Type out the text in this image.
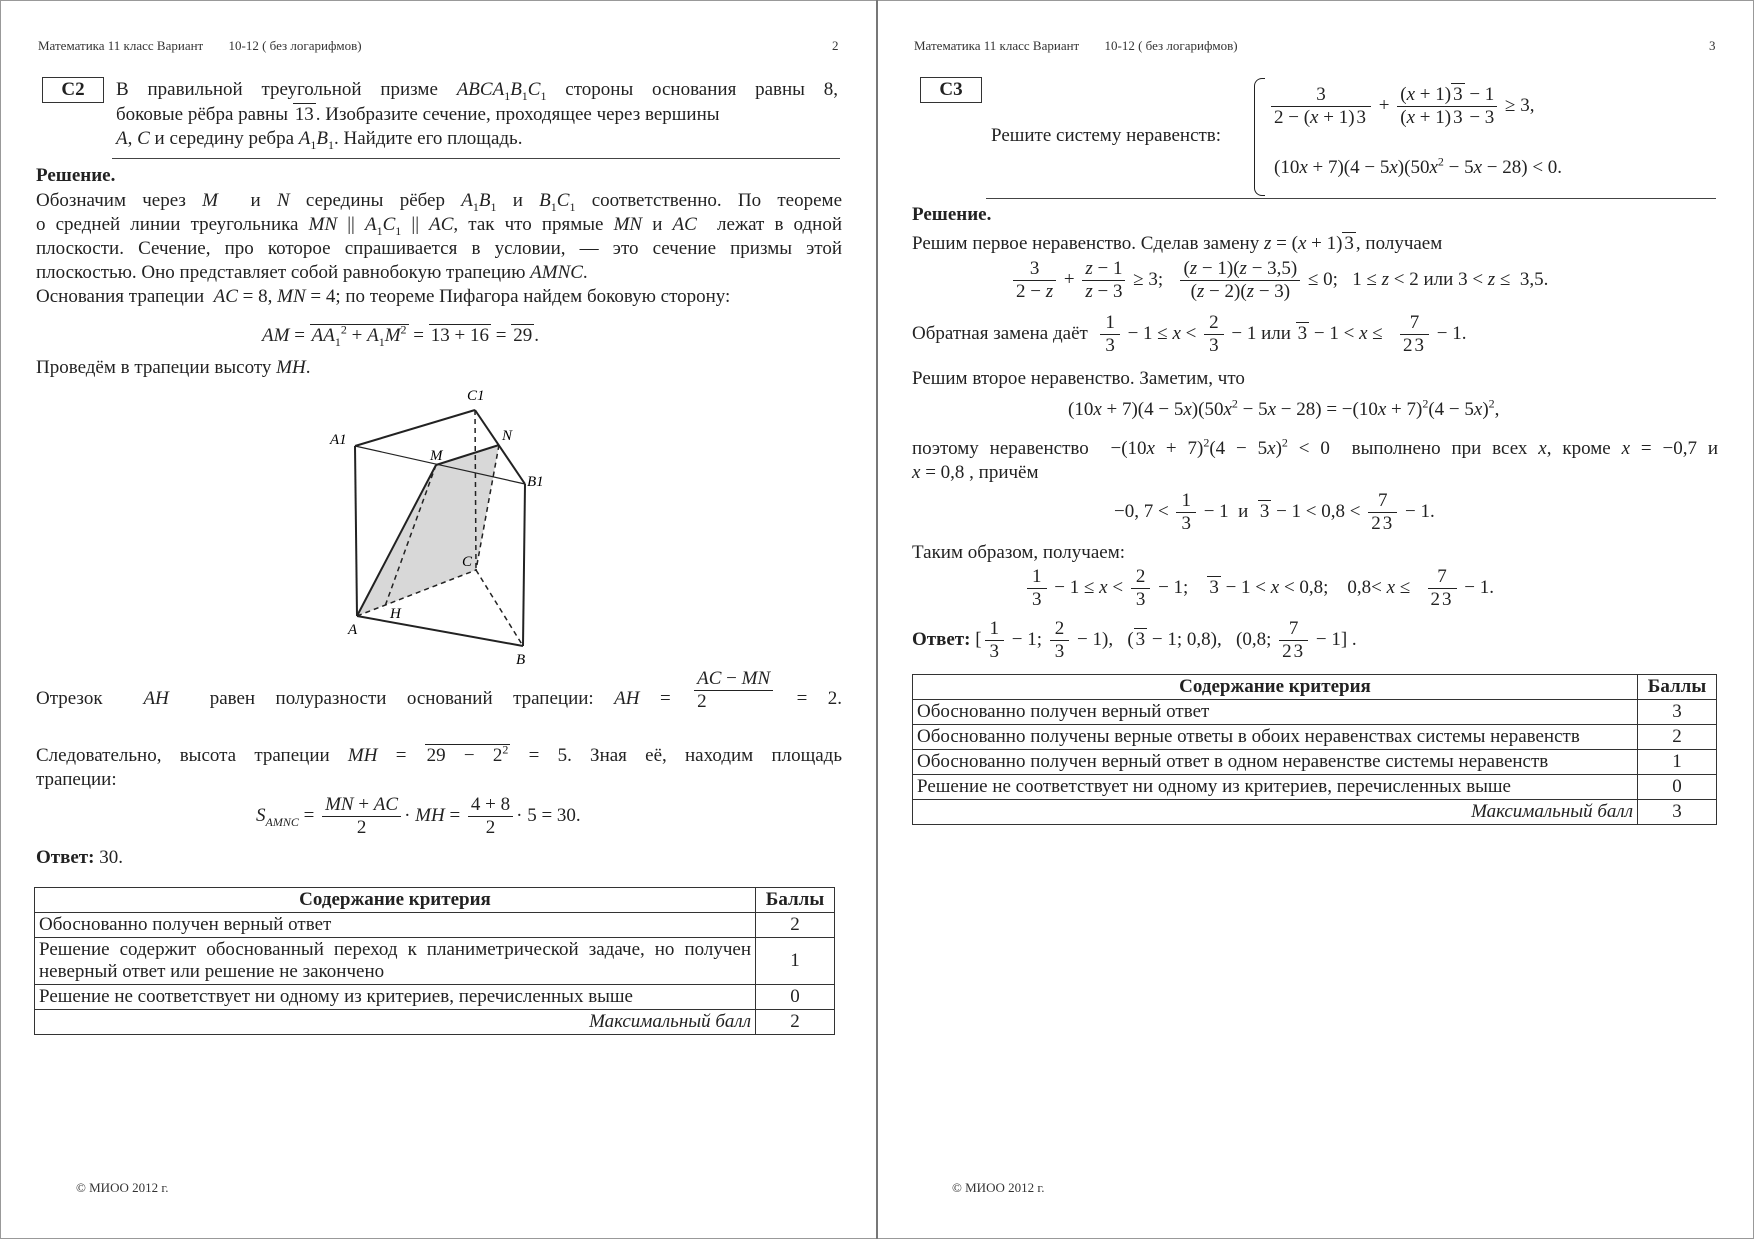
Математика 11 класс Вариант 10-12 ( без логарифмов)	2
С2	В правильной треугольной призме $ABCA_1B_1C_1$ стороны основания равны 8,
боковые рёбра равны 13 . Изобразите сечение, проходящее через вершины
A, C и середину ребра $A_1B_1$. Найдите его площадь.
Решение.
Обозначим через M  и N середины рёбер $A_1B_1$ и $B_1C_1$ соответственно. По теореме
о средней линии треугольника MN || $A_1C_1$ || AC, так что прямые MN и AC  лежат в одной
плоскости. Сечение, про которое спрашивается в условии, — это сечение призмы этой
плоскостью. Оно представляет собой равнобокую трапецию AMNC.
Основания трапеции  AC = 8, MN = 4; по теореме Пифагора найдем боковую сторону:
AM = $AA_1^2 + A_1M^2 = 13 + 16 = 29$ .
Проведём в трапеции высоту MH.
C1
A1	N
M
B1
C
H
A
B
Отрезок  AH  равен полуразности оснований трапеции: AH = $\frac{AC - MN}{2} = 2$.
Следовательно, высота трапеции MH = $29 - 2^2 = 5$. Зная её, находим площадь
трапеции:
$S_{AMNC} = \frac{MN + AC}{2}$ · MH = $\frac{4 + 8}{2} \cdot 5 = 30$.
Ответ: 30.
Содержание критерия	Баллы
Обоснованно получен верный ответ	2
Решение содержит обоснованный переход к планиметрической задаче, но получен неверный ответ или решение не закончено	1
Решение не соответствует ни одному из критериев, перечисленных выше	0
Максимальный балл	2
© МИОО 2012 г.
Математика 11 класс Вариант 10-12 ( без логарифмов)	3
С3
Решите систему неравенств:
$\frac{3}{2 - (x + 1) 3} + \frac{(x + 1) 3 - 1}{(x + 1) 3 - 3} \ge 3$,
$(10x + 7)(4 - 5x)(50x^2 - 5x - 28) < 0$.
Решение.
Решим первое неравенство. Сделав замену z = (x + 1) 3 , получаем
$\frac{3}{2 - z} + \frac{z - 1}{z - 3} \ge 3$; $\frac{(z - 1)(z - 3,5)}{(z - 2)(z - 3)} \le 0$;   1 ≤ z < 2 или 3 < z ≤  3,5.
Обратная замена даёт $\frac{1}{3} - 1 \le x < \frac{2}{3} - 1$ или $3 - 1 < x \le \frac{7}{2 3} - 1$.
Решим второе неравенство. Заметим, что
$(10x + 7)(4 - 5x)(50x^2 - 5x - 28) = -(10x + 7)^2(4 - 5x)^2$,
поэтому неравенство  $-(10x + 7)^2(4 - 5x)^2 < 0$  выполнено при всех x, кроме x = −0,7 и
x = 0,8 , причём
−0, $7 < \frac{1}{3} - 1$  и  $3 - 1 < 0,8 < \frac{7}{2 3} - 1$.
Таким образом, получаем:
$\frac{1}{3} - 1 \le x < \frac{2}{3} - 1$;    3 − 1 < x < 0,8;    $0,8< x \le \frac{7}{2 3} - 1$.
Ответ: [ $\frac{1}{3} - 1$; $\frac{2}{3} - 1$),   ( 3 − 1; 0,8),   (0,8; $\frac{7}{2 3} - 1$] .
Содержание критерия	Баллы
Обоснованно получен верный ответ	3
Обоснованно получены верные ответы в обоих неравенствах системы неравенств	2
Обоснованно получен верный ответ в одном неравенстве системы неравенств	1
Решение не соответствует ни одному из критериев, перечисленных выше	0
Максимальный балл	3
© МИОО 2012 г.
